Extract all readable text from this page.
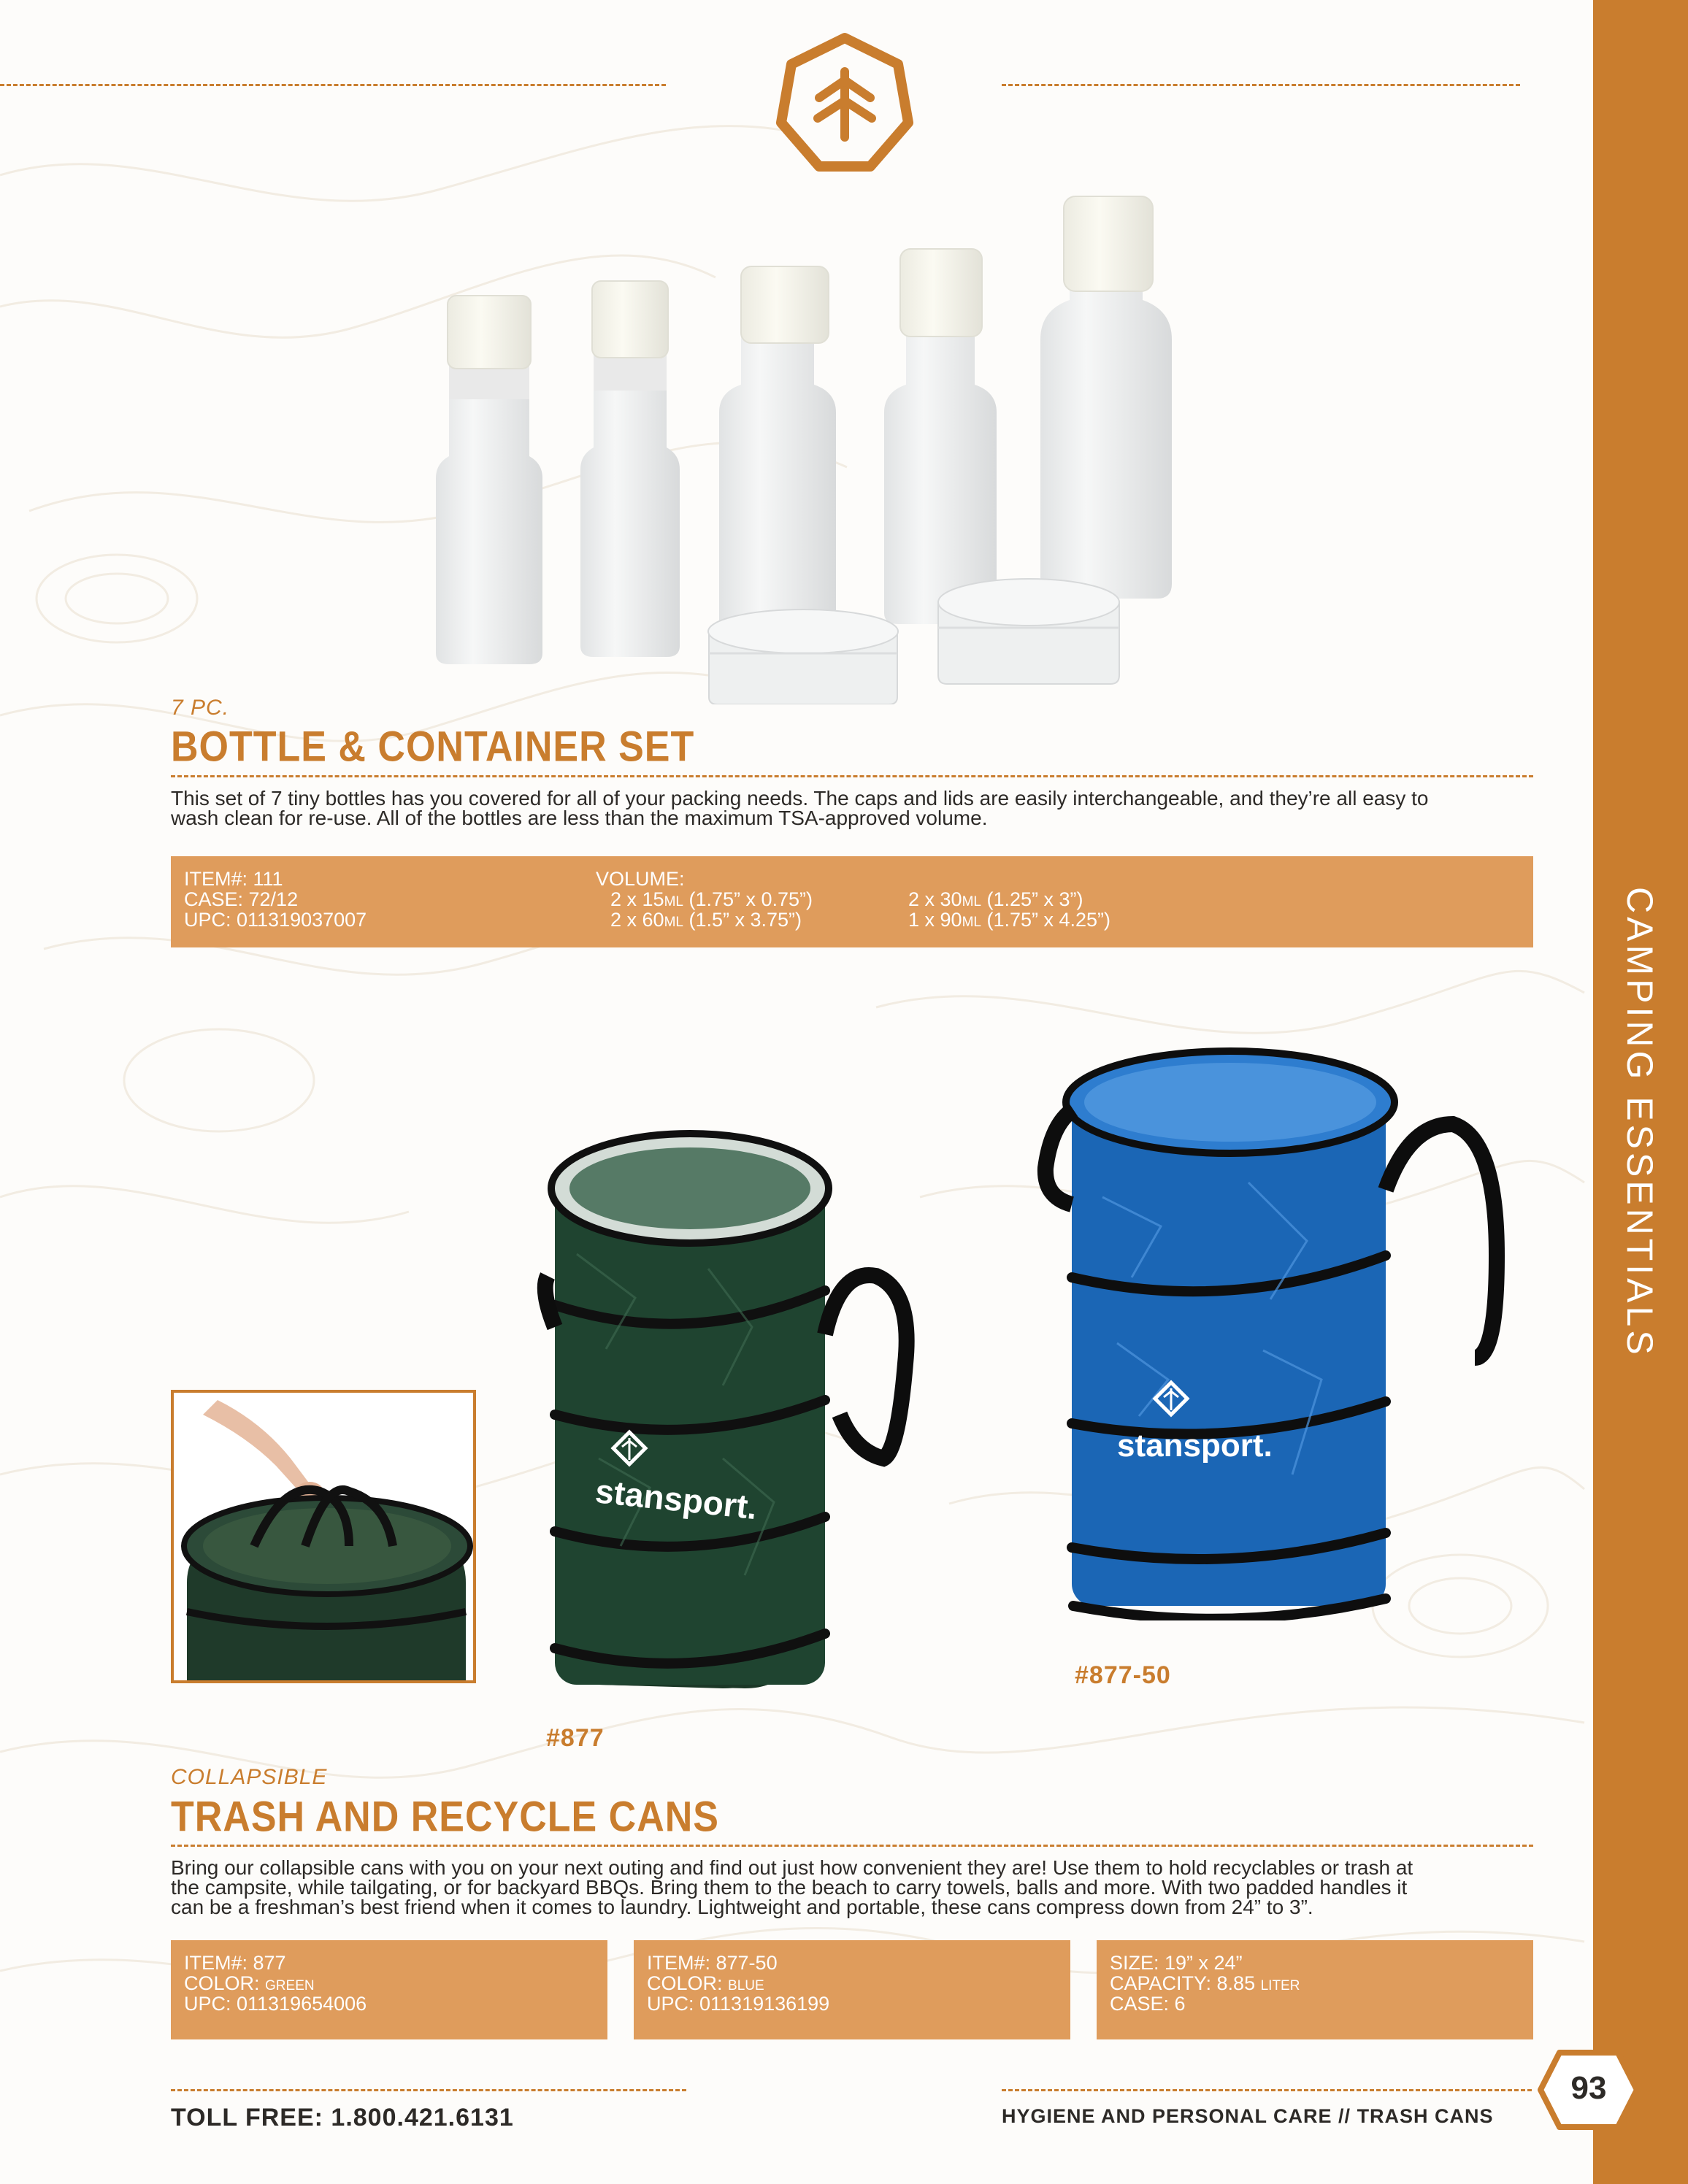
CAMPING ESSENTIALS
7 PC.
BOTTLE & CONTAINER SET
This set of 7 tiny bottles has you covered for all of your packing needs. The caps and lids are easily interchangeable, and they’re all easy to
wash clean for re-use. All of the bottles are less than the maximum TSA-approved volume.
ITEM#: 111
CASE: 72/12
UPC: 011319037007
VOLUME:
2 x 15ML (1.75” x 0.75”)
2 x 60ML (1.5” x 3.75”)
2 x 30ML (1.25” x 3”)
1 x 90ML (1.75” x 4.25”)
stansport.
stansport.
#877
#877-50
COLLAPSIBLE
TRASH AND RECYCLE CANS
Bring our collapsible cans with you on your next outing and find out just how convenient they are! Use them to hold recyclables or trash at
the campsite, while tailgating, or for backyard BBQs. Bring them to the beach to carry towels, balls and more. With two padded handles it
can be a freshman’s best friend when it comes to laundry. Lightweight and portable, these cans compress down from 24” to 3”.
ITEM#: 877
COLOR: GREEN
UPC: 011319654006
ITEM#: 877-50
COLOR: BLUE
UPC: 011319136199
SIZE: 19” x 24”
CAPACITY: 8.85 LITER
CASE: 6
TOLL FREE: 1.800.421.6131	HYGIENE AND PERSONAL CARE // TRASH CANS
93
